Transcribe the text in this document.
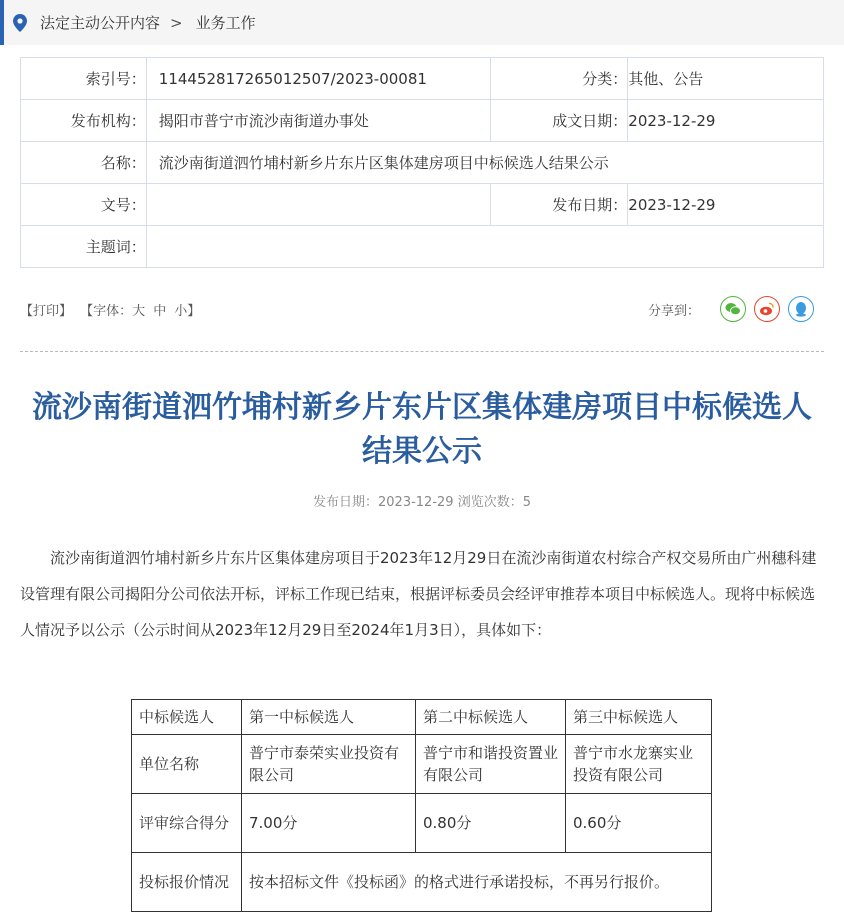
法定主动公开内容 > 业务工作
索引号：	114452817265012507/2023-00081	分类：	其他、公告
发布机构：	揭阳市普宁市流沙南街道办事处	成文日期：	2023-12-29
名称：	流沙南街道泗竹埔村新乡片东片区集体建房项目中标候选人结果公示		
文号：		发布日期：	2023-12-29
主题词：			
【打印】 【字体：大 中 小】	分享到：
流沙南街道泗竹埔村新乡片东片区集体建房项目中标候选人结果公示
发布日期：2023-12-29 浏览次数：5

流沙南街道泗竹埔村新乡片东片区集体建房项目于2023年12月29日在流沙南街道农村综合产权交易所由广州穗科建设管理有限公司揭阳分公司依法开标，评标工作现已结束，根据评标委员会经评审推荐本项目中标候选人。现将中标候选人情况予以公示（公示时间从2023年12月29日至2024年1月3日），具体如下：

中标候选人	第一中标候选人	第二中标候选人	第三中标候选人
单位名称	普宁市泰荣实业投资有限公司	普宁市和谐投资置业有限公司	普宁市水龙寨实业投资有限公司
评审综合得分	7.00分	0.80分	0.60分
投标报价情况	按本招标文件《投标函》的格式进行承诺投标，不再另行报价。		
